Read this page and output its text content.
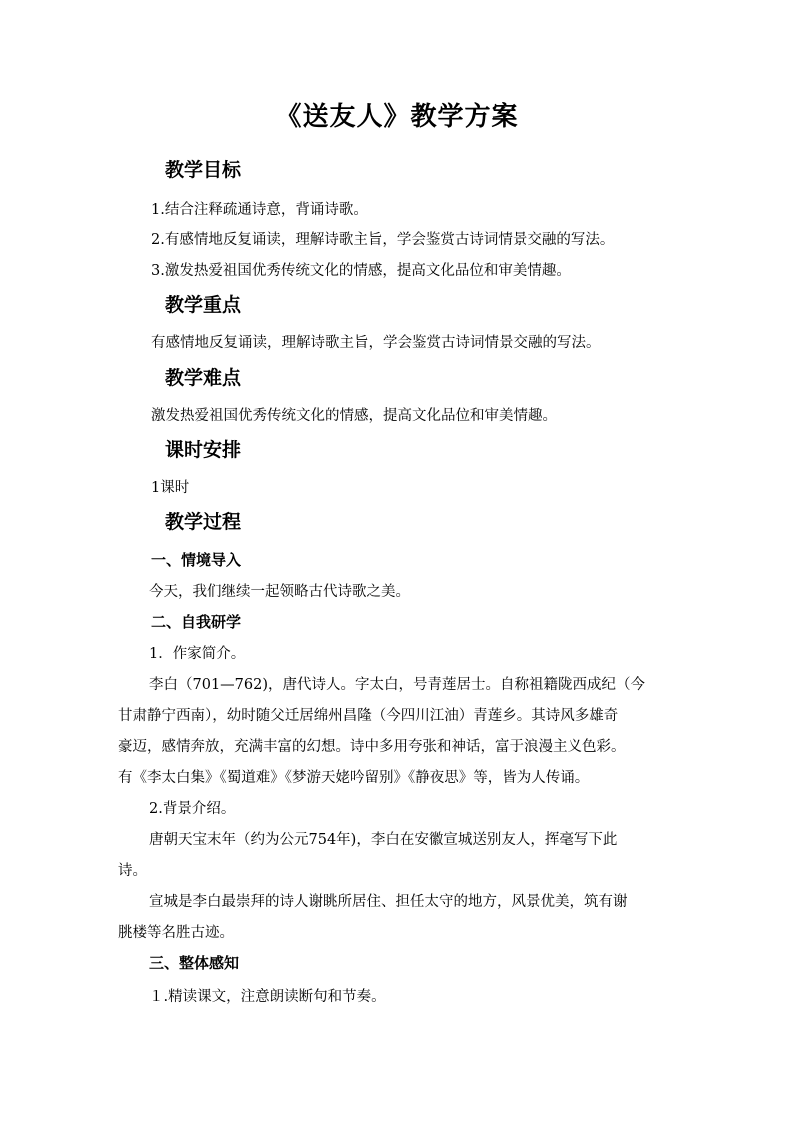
《送友人》教学方案
教学目标
1.结合注释疏通诗意，背诵诗歌。
2.有感情地反复诵读，理解诗歌主旨，学会鉴赏古诗词情景交融的写法。
3.激发热爱祖国优秀传统文化的情感，提高文化品位和审美情趣。
教学重点
有感情地反复诵读，理解诗歌主旨，学会鉴赏古诗词情景交融的写法。
教学难点
激发热爱祖国优秀传统文化的情感，提高文化品位和审美情趣。
课时安排
1课时
教学过程
一、情境导入
今天，我们继续一起领略古代诗歌之美。
二、自我研学
1．作家简介。
李白（701—762)，唐代诗人。字太白，号青莲居士。自称祖籍陇西成纪（今
甘肃静宁西南），幼时随父迁居绵州昌隆（今四川江油）青莲乡。其诗风多雄奇
豪迈，感情奔放，充满丰富的幻想。诗中多用夸张和神话，富于浪漫主义色彩。
有《李太白集》《蜀道难》《梦游天姥吟留别》《静夜思》等，皆为人传诵。
2.背景介绍。
唐朝天宝末年（约为公元754年)，李白在安徽宣城送别友人，挥毫写下此
诗。
宣城是李白最崇拜的诗人谢眺所居住、担任太守的地方，风景优美，筑有谢
朓楼等名胜古迹。
三、整体感知
１.精读课文，注意朗读断句和节奏。
